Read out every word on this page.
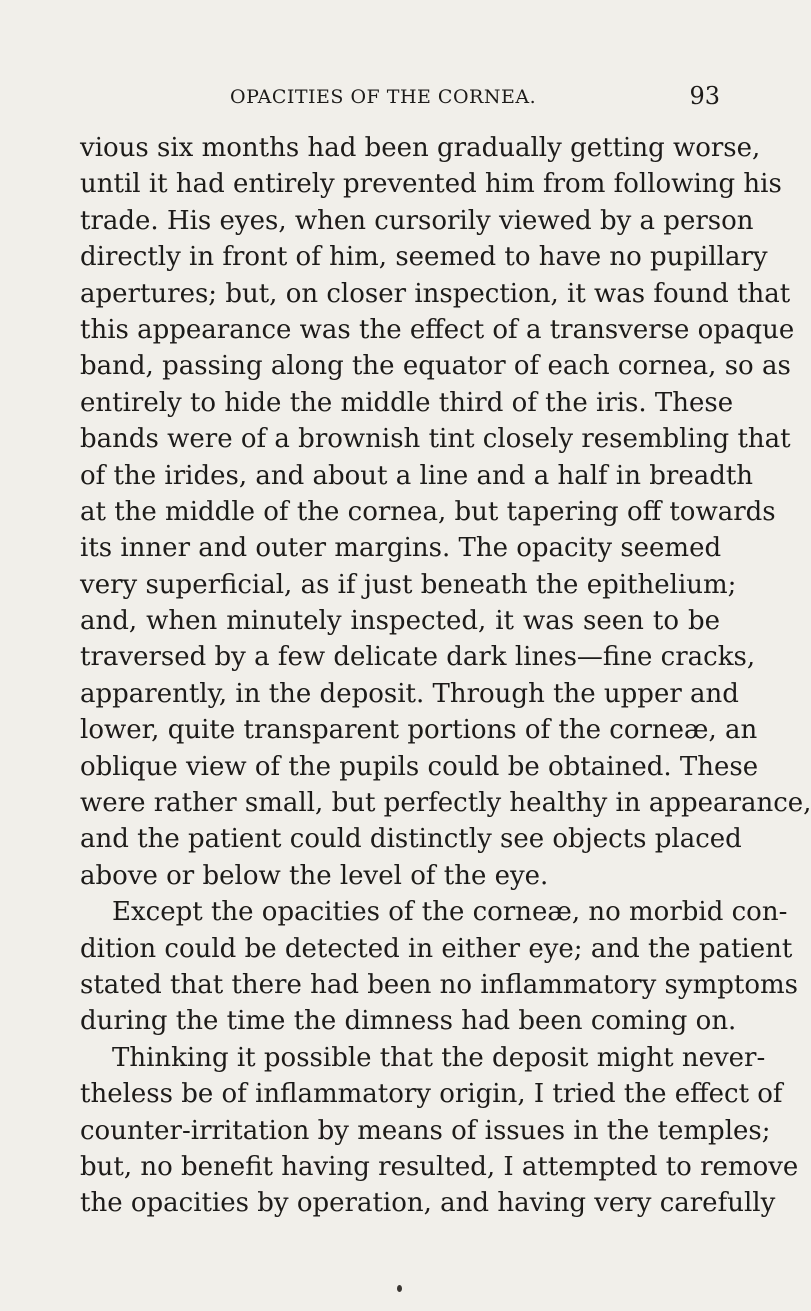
OPACITIES OF THE CORNEA.	93
vious six months had been gradually getting worse,
until it had entirely prevented him from following his
trade. His eyes, when cursorily viewed by a person
directly in front of him, seemed to have no pupillary
apertures; but, on closer inspection, it was found that
this appearance was the effect of a transverse opaque
band, passing along the equator of each cornea, so as
entirely to hide the middle third of the iris. These
bands were of a brownish tint closely resembling that
of the irides, and about a line and a half in breadth
at the middle of the cornea, but tapering off towards
its inner and outer margins. The opacity seemed
very superficial, as if just beneath the epithelium;
and, when minutely inspected, it was seen to be
traversed by a few delicate dark lines—fine cracks,
apparently, in the deposit. Through the upper and
lower, quite transparent portions of the corneæ, an
oblique view of the pupils could be obtained. These
were rather small, but perfectly healthy in appearance,
and the patient could distinctly see objects placed
above or below the level of the eye.
Except the opacities of the corneæ, no morbid con-
dition could be detected in either eye; and the patient
stated that there had been no inflammatory symptoms
during the time the dimness had been coming on.
Thinking it possible that the deposit might never-
theless be of inflammatory origin, I tried the effect of
counter-irritation by means of issues in the temples;
but, no benefit having resulted, I attempted to remove
the opacities by operation, and having very carefully
